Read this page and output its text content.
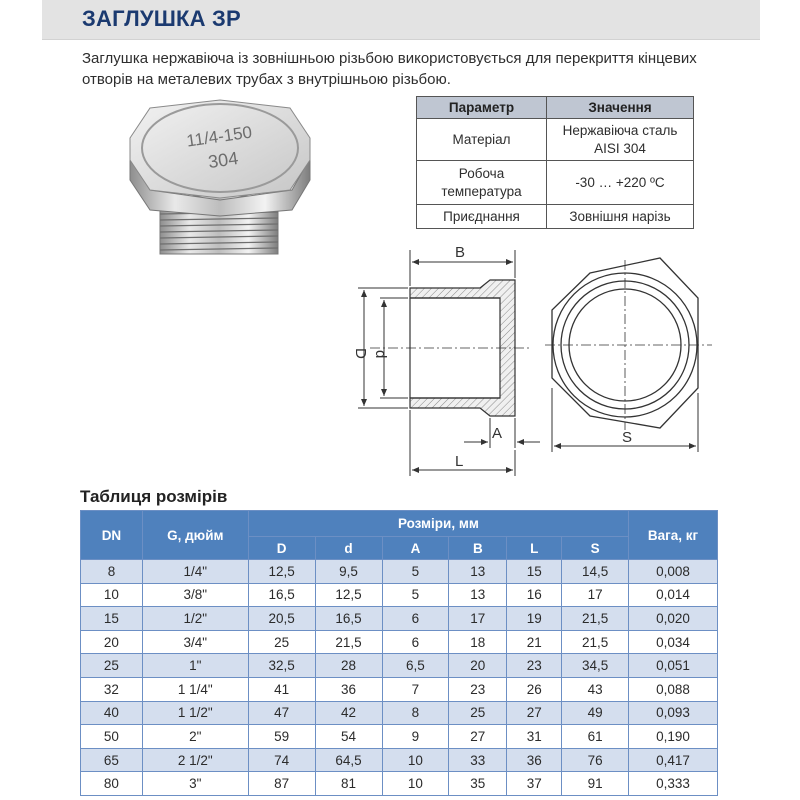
ЗАГЛУШКА ЗР

Заглушка нержавіюча із зовнішньою різьбою використовується для перекриття кінцевих отворів на металевих трубах з внутрішньою різьбою.

11/4-150
304
Параметр	Значення
Матеріал	Нержавіюча сталь AISI 304
Робоча температура	-30 … +220 ºC
Приєднання	Зовнішня нарізь
B
D d
A
L
S
Таблиця розмірів
DN	G, дюйм	Розміри, мм						Вага, кг
		D	d	A	B	L	S	
8	1/4"	12,5	9,5	5	13	15	14,5	0,008
10	3/8"	16,5	12,5	5	13	16	17	0,014
15	1/2"	20,5	16,5	6	17	19	21,5	0,020
20	3/4"	25	21,5	6	18	21	21,5	0,034
25	1"	32,5	28	6,5	20	23	34,5	0,051
32	1 1/4"	41	36	7	23	26	43	0,088
40	1 1/2"	47	42	8	25	27	49	0,093
50	2"	59	54	9	27	31	61	0,190
65	2 1/2"	74	64,5	10	33	36	76	0,417
80	3"	87	81	10	35	37	91	0,333
